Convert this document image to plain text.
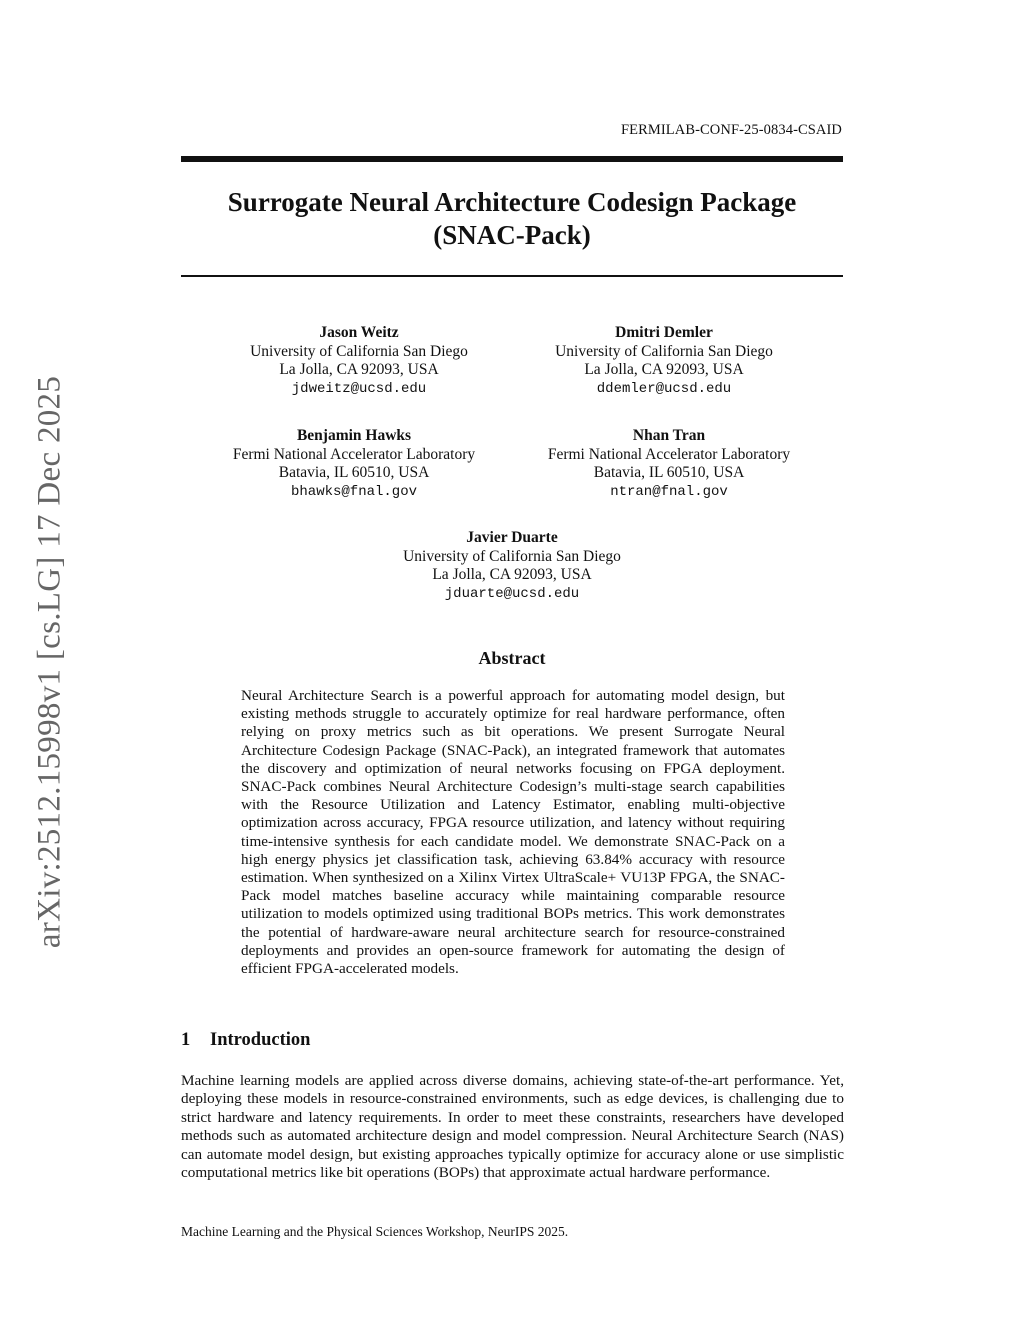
FERMILAB-CONF-25-0834-CSAID
Surrogate Neural Architecture Codesign Package
(SNAC-Pack)
Jason Weitz
University of California San Diego
La Jolla, CA 92093, USA
jdweitz@ucsd.edu
Dmitri Demler
University of California San Diego
La Jolla, CA 92093, USA
ddemler@ucsd.edu
Benjamin Hawks
Fermi National Accelerator Laboratory
Batavia, IL 60510, USA
bhawks@fnal.gov
Nhan Tran
Fermi National Accelerator Laboratory
Batavia, IL 60510, USA
ntran@fnal.gov
Javier Duarte
University of California San Diego
La Jolla, CA 92093, USA
jduarte@ucsd.edu
arXiv:2512.15998v1 [cs.LG] 17 Dec 2025	Abstract
Neural Architecture Search is a powerful approach for automating model design, but existing methods struggle to accurately optimize for real hardware performance, often relying on proxy metrics such as bit operations. We present Surrogate Neural Architecture Codesign Package (SNAC-Pack), an integrated framework that automates the discovery and optimization of neural networks focusing on FPGA deployment. SNAC-Pack combines Neural Architecture Codesign’s multi-stage search capabilities with the Resource Utilization and Latency Estimator, enabling multi-objective optimization across accuracy, FPGA resource utilization, and latency without requiring time-intensive synthesis for each candidate model. We demonstrate SNAC-Pack on a high energy physics jet classification task, achieving 63.84% accuracy with resource estimation. When synthesized on a Xilinx Virtex UltraScale+ VU13P FPGA, the SNAC-Pack model matches baseline accuracy while maintaining comparable resource utilization to models optimized using traditional BOPs metrics. This work demonstrates the potential of hardware-aware neural architecture search for resource-constrained deployments and provides an open-source framework for automating the design of efficient FPGA-accelerated models.
1 Introduction
Machine learning models are applied across diverse domains, achieving state-of-the-art performance. Yet, deploying these models in resource-constrained environments, such as edge devices, is challenging due to strict hardware and latency requirements. In order to meet these constraints, researchers have developed methods such as automated architecture design and model compression. Neural Architecture Search (NAS) can automate model design, but existing approaches typically optimize for accuracy alone or use simplistic computational metrics like bit operations (BOPs) that approximate actual hardware performance.
Machine Learning and the Physical Sciences Workshop, NeurIPS 2025.
